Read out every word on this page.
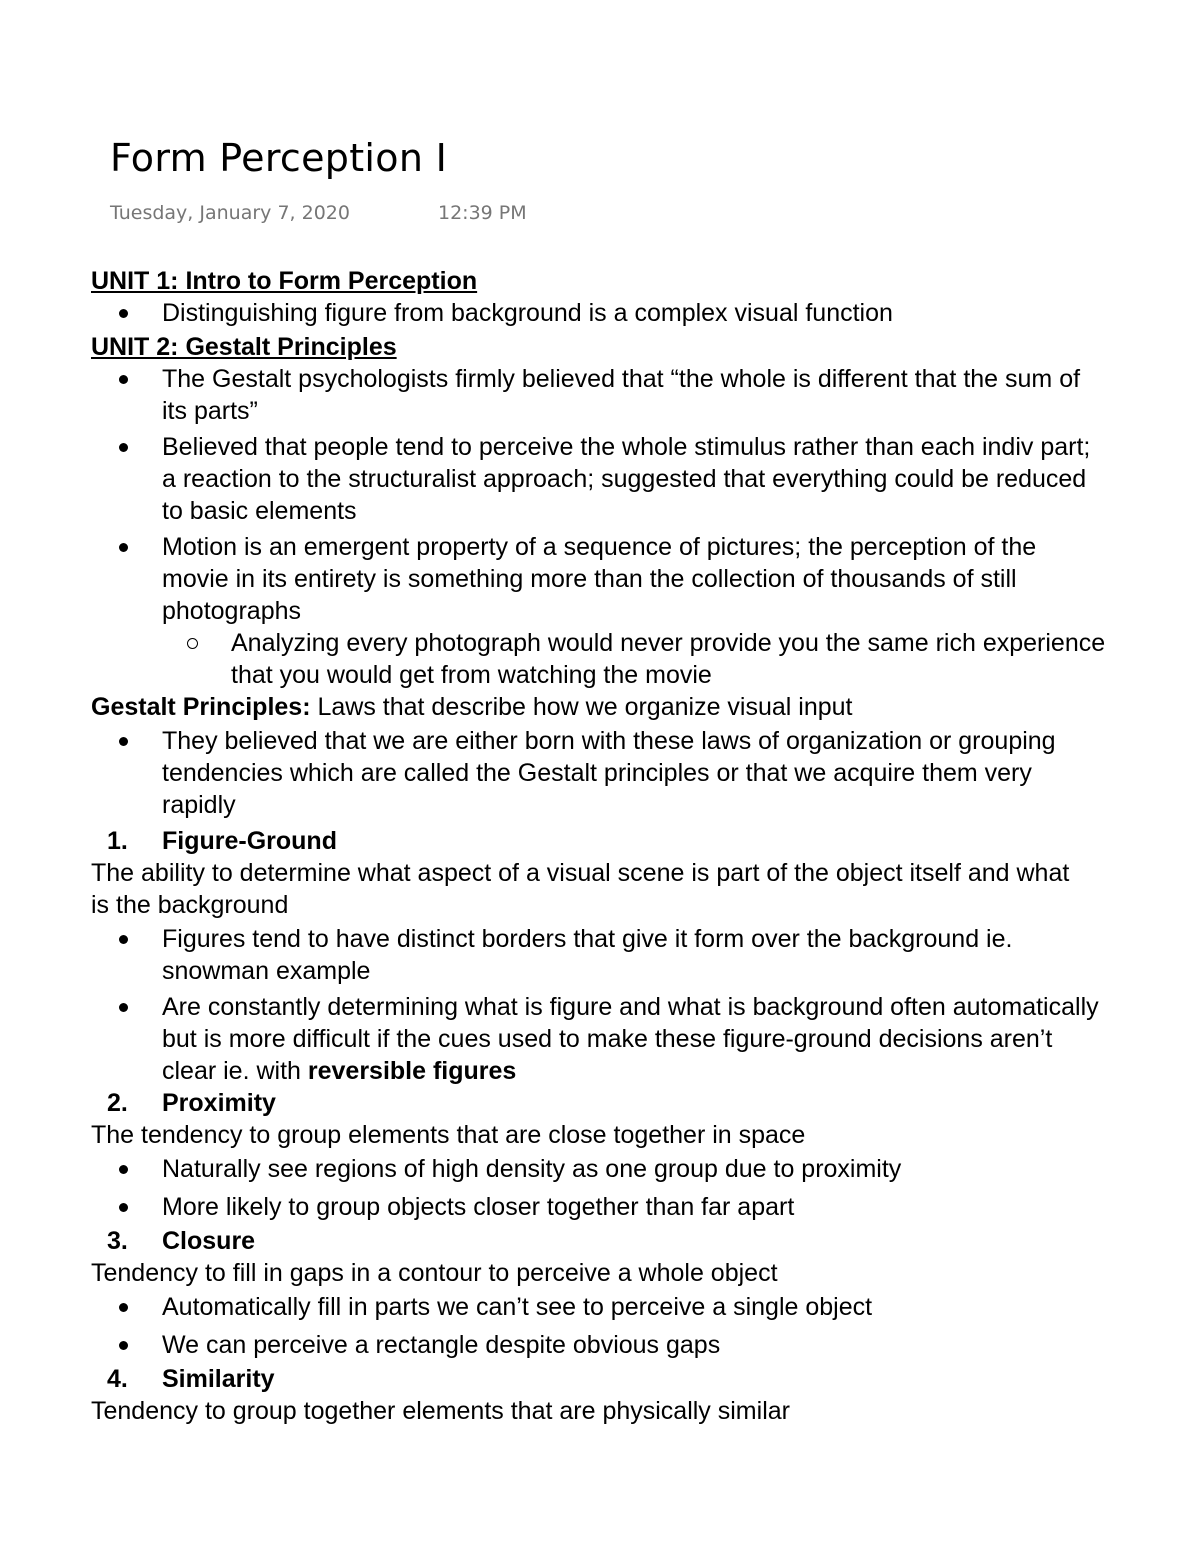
Form Perception I
Tuesday, January 7, 2020	12:39 PM

UNIT 1: Intro to Form Perception

Distinguishing figure from background is a complex visual function

UNIT 2: Gestalt Principles

The Gestalt psychologists firmly believed that “the whole is different that the sum of
its parts”
Believed that people tend to perceive the whole stimulus rather than each indiv part;
a reaction to the structuralist approach; suggested that everything could be reduced
to basic elements
Motion is an emergent property of a sequence of pictures; the perception of the
movie in its entirety is something more than the collection of thousands of still
photographs
Analyzing every photograph would never provide you the same rich experience
that you would get from watching the movie

Gestalt Principles: Laws that describe how we organize visual input

They believed that we are either born with these laws of organization or grouping
tendencies which are called the Gestalt principles or that we acquire them very
rapidly
1. Figure-Ground

The ability to determine what aspect of a visual scene is part of the object itself and what

is the background

Figures tend to have distinct borders that give it form over the background ie.
snowman example
Are constantly determining what is figure and what is background often automatically
but is more difficult if the cues used to make these figure-ground decisions aren’t
clear ie. with reversible figures
2. Proximity

The tendency to group elements that are close together in space

Naturally see regions of high density as one group due to proximity
More likely to group objects closer together than far apart
3. Closure

Tendency to fill in gaps in a contour to perceive a whole object

Automatically fill in parts we can’t see to perceive a single object
We can perceive a rectangle despite obvious gaps
4. Similarity

Tendency to group together elements that are physically similar
